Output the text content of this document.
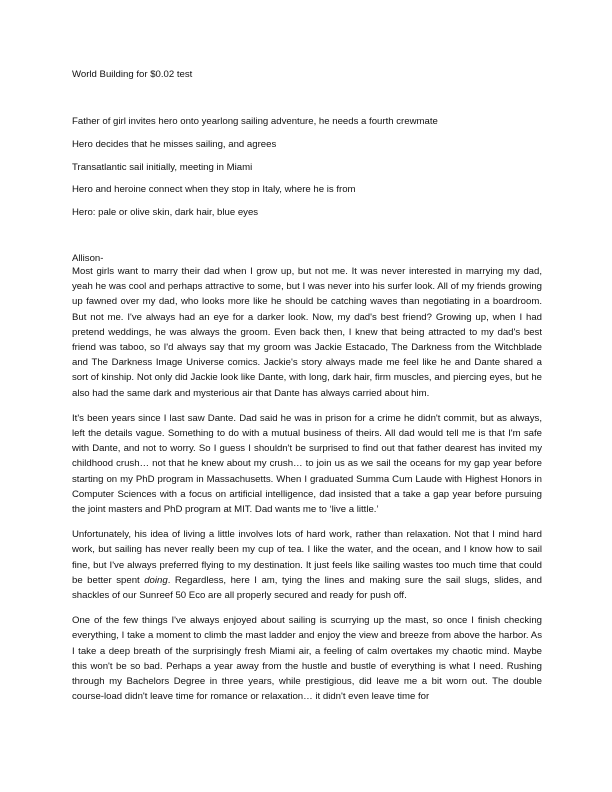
World Building for $0.02 test

Father of girl invites hero onto yearlong sailing adventure, he needs a fourth crewmate

Hero decides that he misses sailing, and agrees

Transatlantic sail initially, meeting in Miami

Hero and heroine connect when they stop in Italy, where he is from

Hero: pale or olive skin, dark hair, blue eyes

Allison-

Most girls want to marry their dad when I grow up, but not me. It was never interested in marrying my dad, yeah he was cool and perhaps attractive to some, but I was never into his surfer look. All of my friends growing up fawned over my dad, who looks more like he should be catching waves than negotiating in a boardroom. But not me. I've always had an eye for a darker look. Now, my dad's best friend? Growing up, when I had pretend weddings, he was always the groom. Even back then, I knew that being attracted to my dad's best friend was taboo, so I'd always say that my groom was Jackie Estacado, The Darkness from the Witchblade and The Darkness Image Universe comics. Jackie's story always made me feel like he and Dante shared a sort of kinship. Not only did Jackie look like Dante, with long, dark hair, firm muscles, and piercing eyes, but he also had the same dark and mysterious air that Dante has always carried about him.

It's been years since I last saw Dante. Dad said he was in prison for a crime he didn't commit, but as always, left the details vague. Something to do with a mutual business of theirs. All dad would tell me is that I'm safe with Dante, and not to worry. So I guess I shouldn't be surprised to find out that father dearest has invited my childhood crush… not that he knew about my crush… to join us as we sail the oceans for my gap year before starting on my PhD program in Massachusetts. When I graduated Summa Cum Laude with Highest Honors in Computer Sciences with a focus on artificial intelligence, dad insisted that a take a gap year before pursuing the joint masters and PhD program at MIT. Dad wants me to ‘live a little.’

Unfortunately, his idea of living a little involves lots of hard work, rather than relaxation. Not that I mind hard work, but sailing has never really been my cup of tea. I like the water, and the ocean, and I know how to sail fine, but I've always preferred flying to my destination. It just feels like sailing wastes too much time that could be better spent doing. Regardless, here I am, tying the lines and making sure the sail slugs, slides, and shackles of our Sunreef 50 Eco are all properly secured and ready for push off.

One of the few things I've always enjoyed about sailing is scurrying up the mast, so once I finish checking everything, I take a moment to climb the mast ladder and enjoy the view and breeze from above the harbor. As I take a deep breath of the surprisingly fresh Miami air, a feeling of calm overtakes my chaotic mind. Maybe this won't be so bad. Perhaps a year away from the hustle and bustle of everything is what I need. Rushing through my Bachelors Degree in three years, while prestigious, did leave me a bit worn out. The double course-load didn't leave time for romance or relaxation… it didn't even leave time for
